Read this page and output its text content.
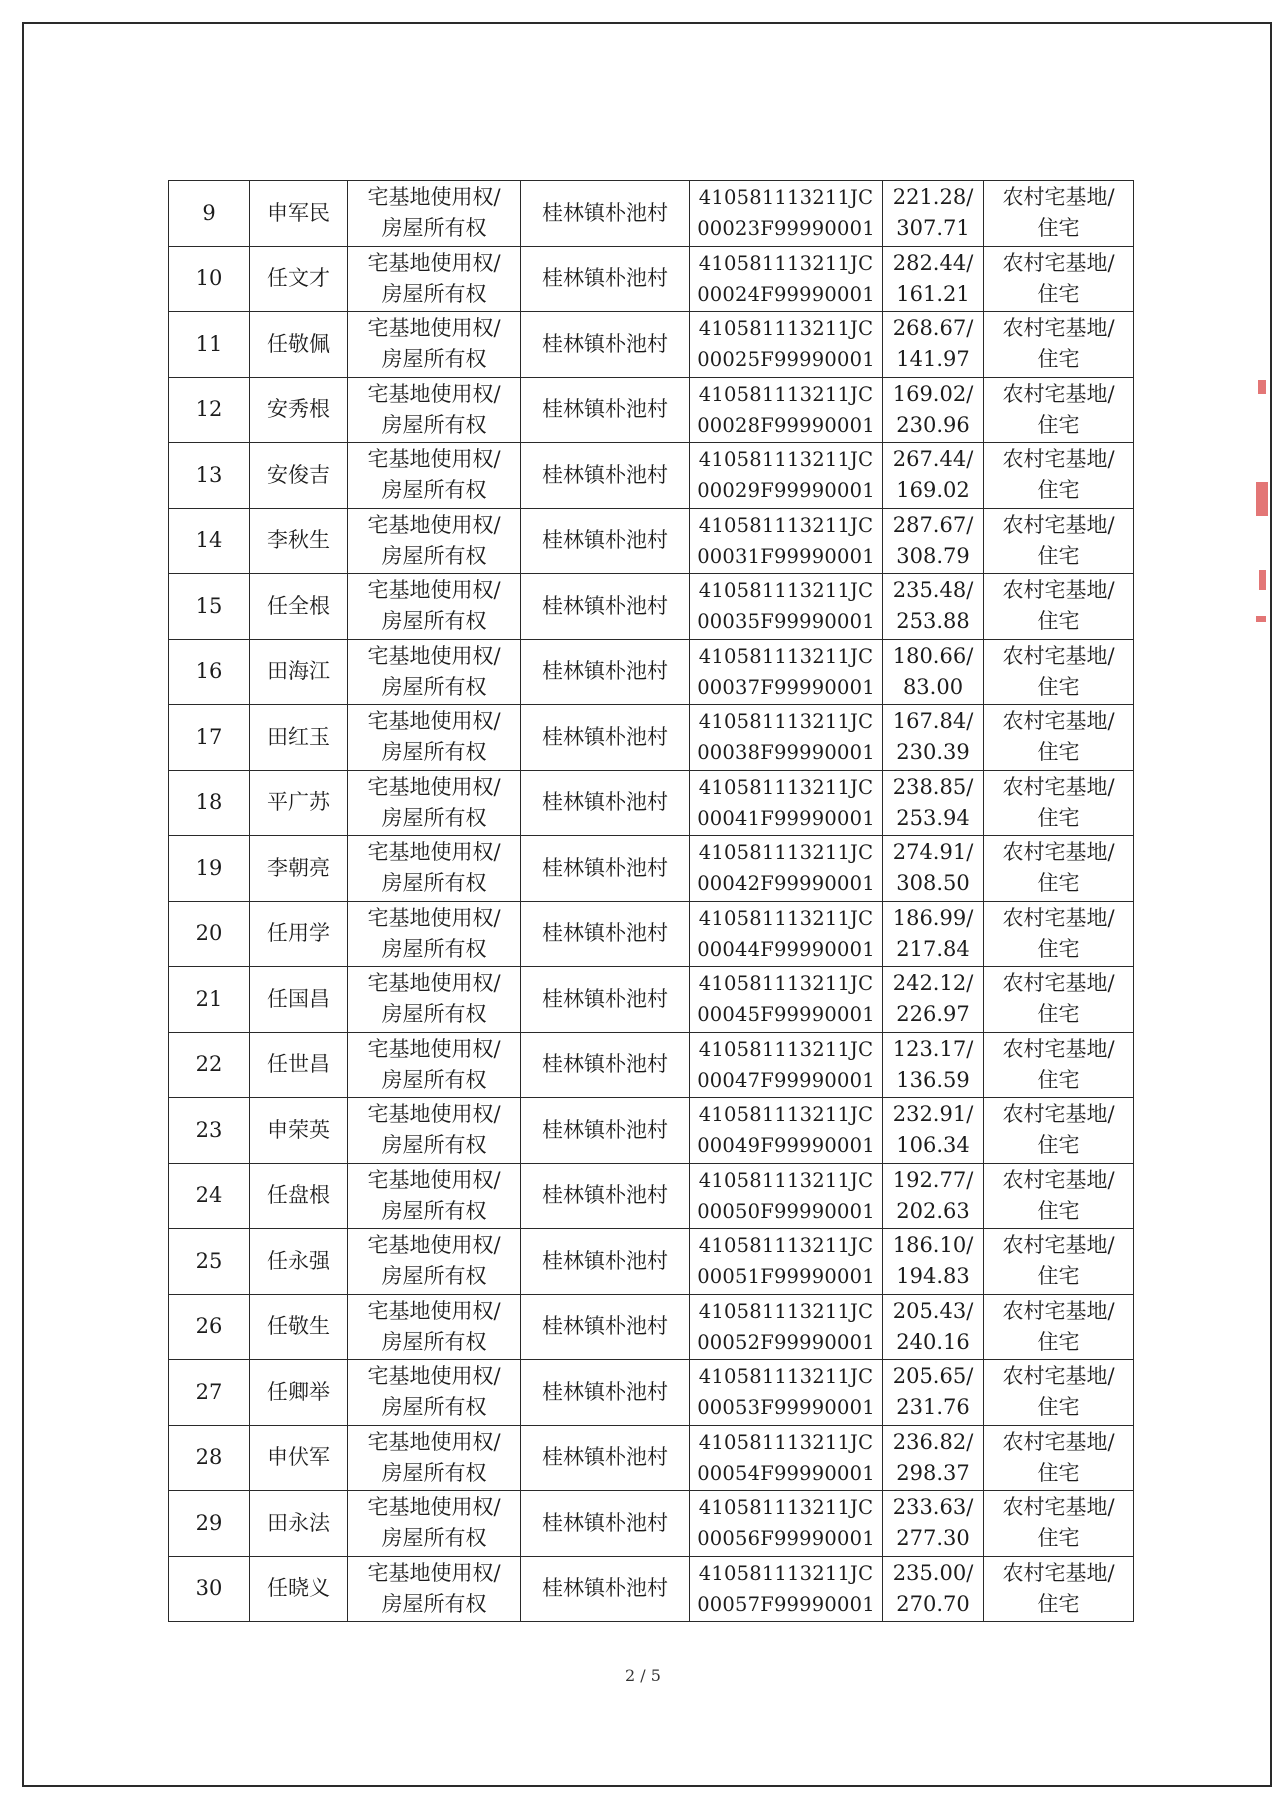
9	申军民	宅基地使用权/
房屋所有权	桂林镇朴池村	410581113211JC
00023F99990001	221.28/
307.71	农村宅基地/
住宅

10	任文才	宅基地使用权/
房屋所有权	桂林镇朴池村	410581113211JC
00024F99990001	282.44/
161.21	农村宅基地/
住宅

11	任敬佩	宅基地使用权/
房屋所有权	桂林镇朴池村	410581113211JC
00025F99990001	268.67/
141.97	农村宅基地/
住宅

12	安秀根	宅基地使用权/
房屋所有权	桂林镇朴池村	410581113211JC
00028F99990001	169.02/
230.96	农村宅基地/
住宅

13	安俊吉	宅基地使用权/
房屋所有权	桂林镇朴池村	410581113211JC
00029F99990001	267.44/
169.02	农村宅基地/
住宅

14	李秋生	宅基地使用权/
房屋所有权	桂林镇朴池村	410581113211JC
00031F99990001	287.67/
308.79	农村宅基地/
住宅

15	任全根	宅基地使用权/
房屋所有权	桂林镇朴池村	410581113211JC
00035F99990001	235.48/
253.88	农村宅基地/
住宅

16	田海江	宅基地使用权/
房屋所有权	桂林镇朴池村	410581113211JC
00037F99990001	180.66/
83.00	农村宅基地/
住宅

17	田红玉	宅基地使用权/
房屋所有权	桂林镇朴池村	410581113211JC
00038F99990001	167.84/
230.39	农村宅基地/
住宅

18	平广苏	宅基地使用权/
房屋所有权	桂林镇朴池村	410581113211JC
00041F99990001	238.85/
253.94	农村宅基地/
住宅

19	李朝亮	宅基地使用权/
房屋所有权	桂林镇朴池村	410581113211JC
00042F99990001	274.91/
308.50	农村宅基地/
住宅

20	任用学	宅基地使用权/
房屋所有权	桂林镇朴池村	410581113211JC
00044F99990001	186.99/
217.84	农村宅基地/
住宅

21	任国昌	宅基地使用权/
房屋所有权	桂林镇朴池村	410581113211JC
00045F99990001	242.12/
226.97	农村宅基地/
住宅

22	任世昌	宅基地使用权/
房屋所有权	桂林镇朴池村	410581113211JC
00047F99990001	123.17/
136.59	农村宅基地/
住宅

23	申荣英	宅基地使用权/
房屋所有权	桂林镇朴池村	410581113211JC
00049F99990001	232.91/
106.34	农村宅基地/
住宅

24	任盘根	宅基地使用权/
房屋所有权	桂林镇朴池村	410581113211JC
00050F99990001	192.77/
202.63	农村宅基地/
住宅

25	任永强	宅基地使用权/
房屋所有权	桂林镇朴池村	410581113211JC
00051F99990001	186.10/
194.83	农村宅基地/
住宅

26	任敬生	宅基地使用权/
房屋所有权	桂林镇朴池村	410581113211JC
00052F99990001	205.43/
240.16	农村宅基地/
住宅

27	任卿举	宅基地使用权/
房屋所有权	桂林镇朴池村	410581113211JC
00053F99990001	205.65/
231.76	农村宅基地/
住宅

28	申伏军	宅基地使用权/
房屋所有权	桂林镇朴池村	410581113211JC
00054F99990001	236.82/
298.37	农村宅基地/
住宅

29	田永法	宅基地使用权/
房屋所有权	桂林镇朴池村	410581113211JC
00056F99990001	233.63/
277.30	农村宅基地/
住宅

30	任晓义	宅基地使用权/
房屋所有权	桂林镇朴池村	410581113211JC
00057F99990001	235.00/
270.70	农村宅基地/
住宅
2 / 5
